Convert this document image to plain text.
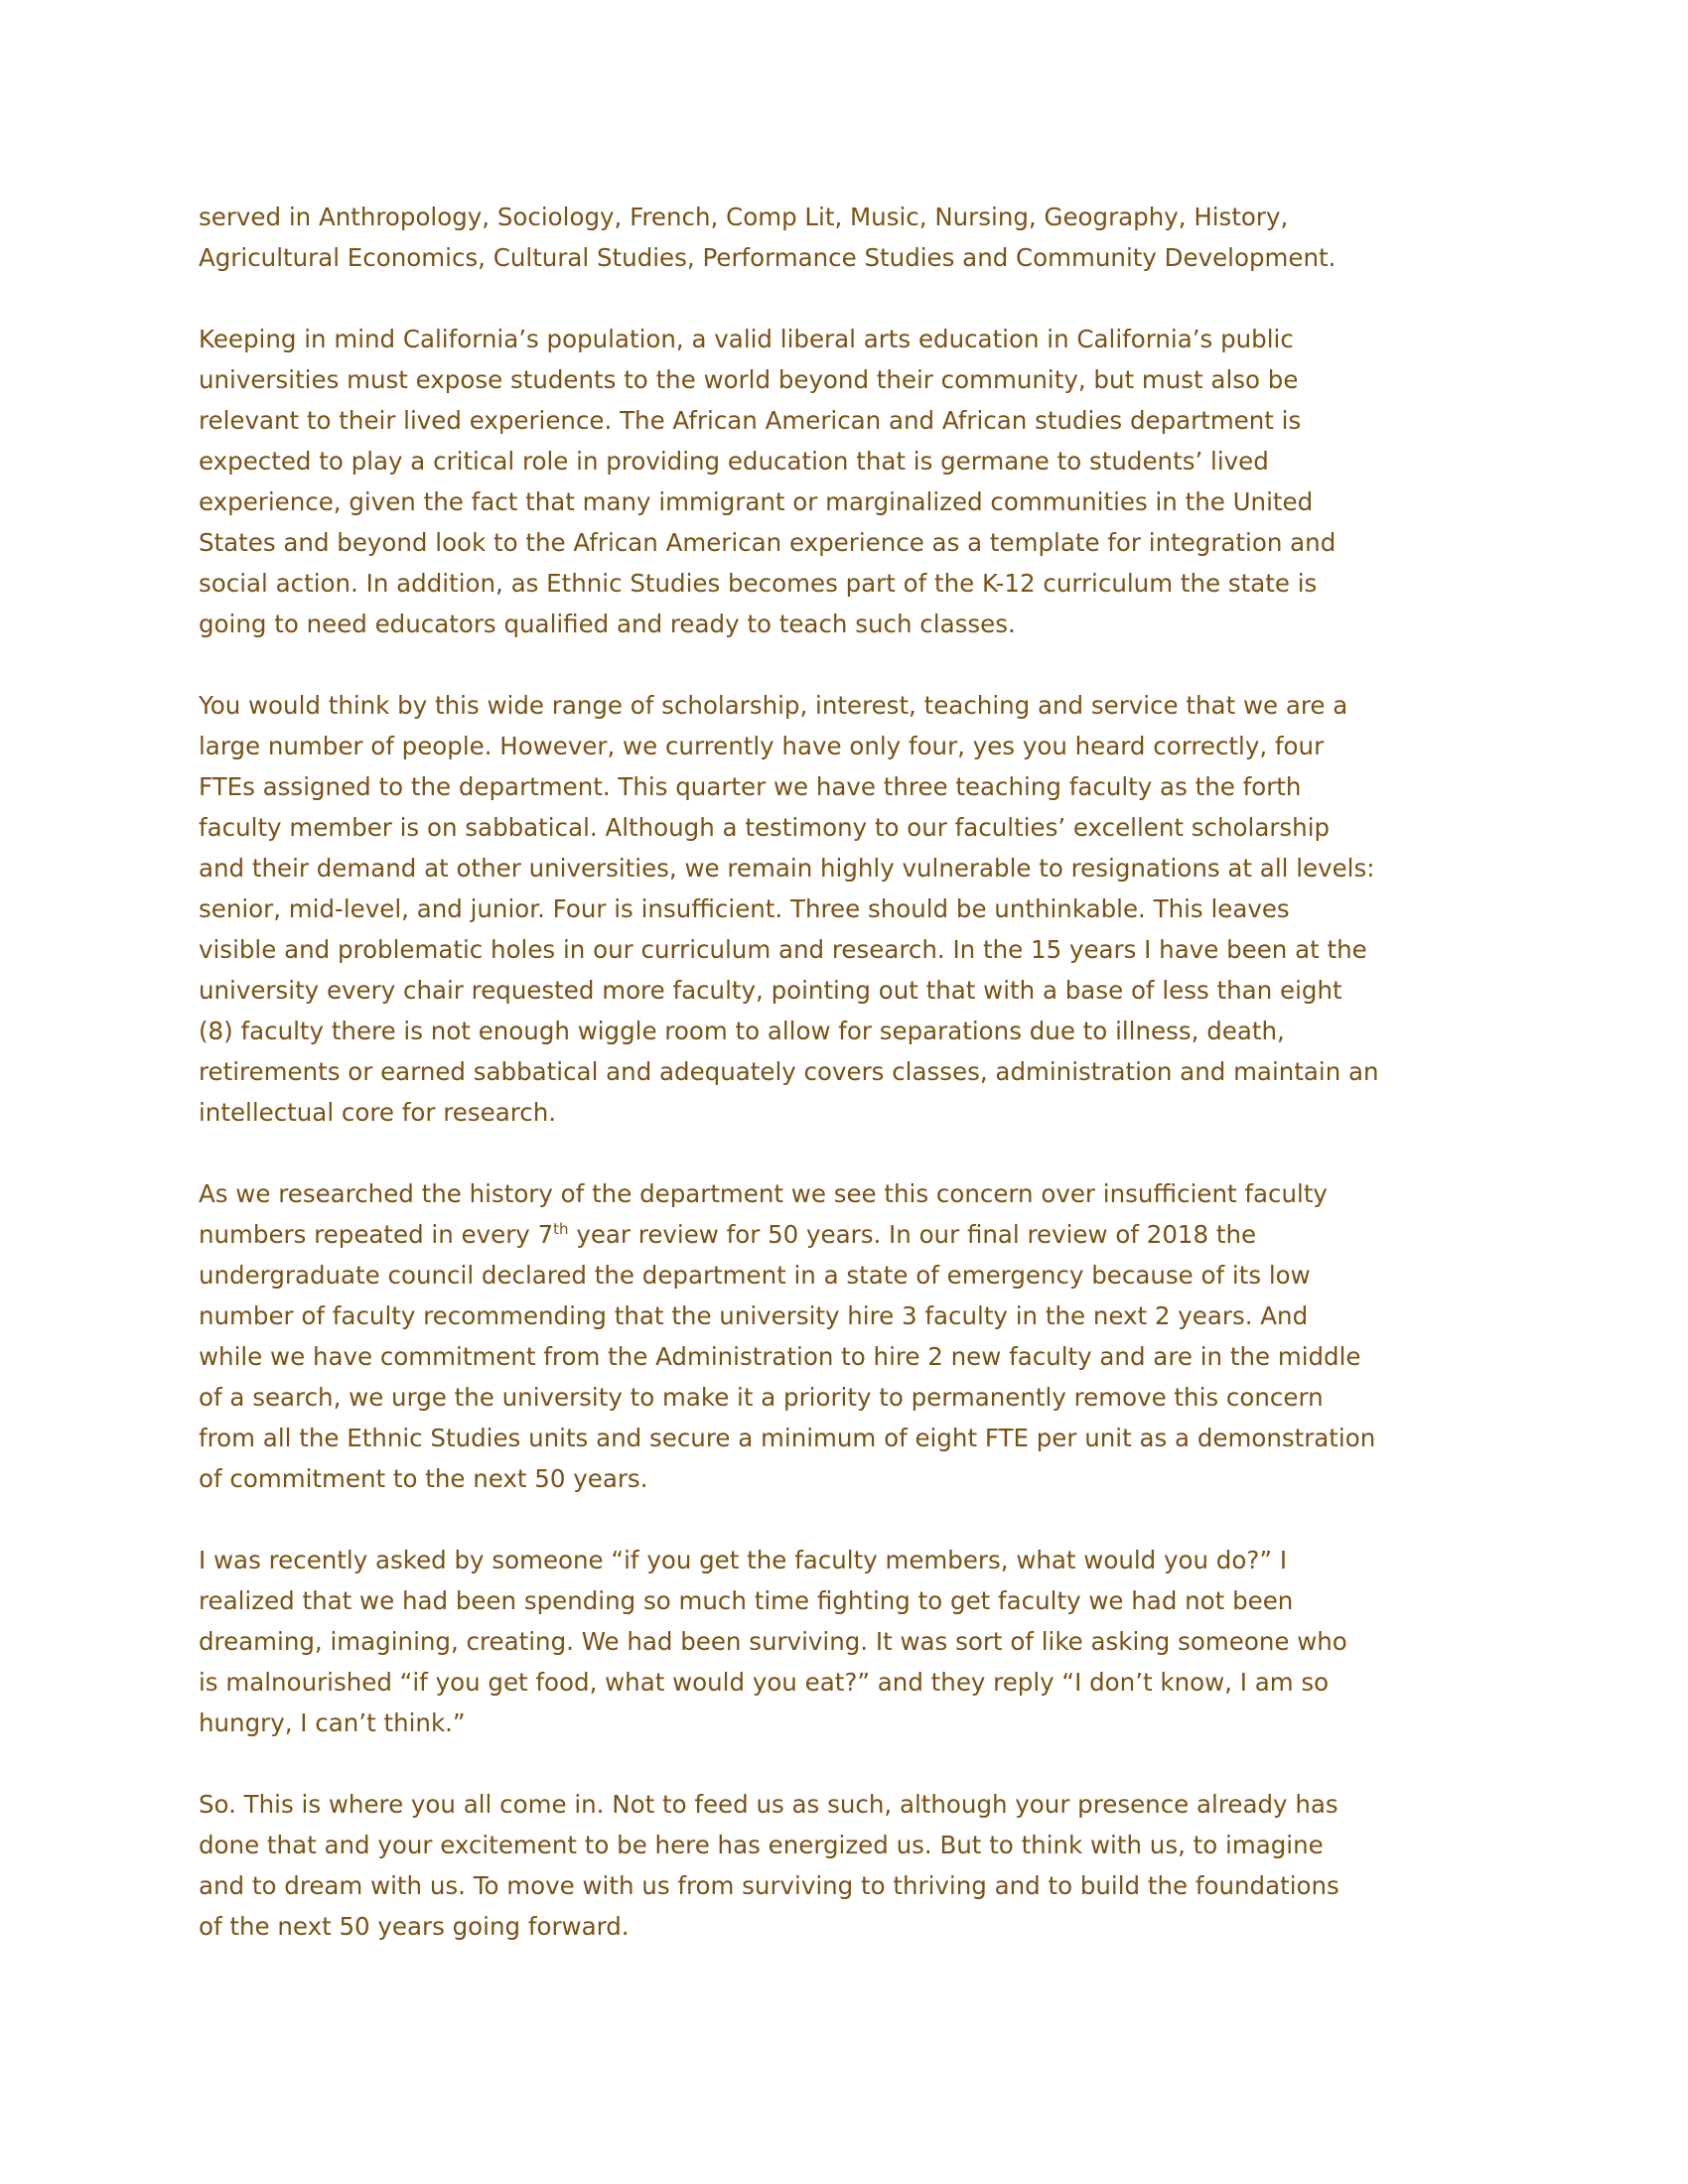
served in Anthropology, Sociology, French, Comp Lit, Music, Nursing, Geography, History,
Agricultural Economics, Cultural Studies, Performance Studies and Community Development.

Keeping in mind California’s population, a valid liberal arts education in California’s public
universities must expose students to the world beyond their community, but must also be
relevant to their lived experience. The African American and African studies department is
expected to play a critical role in providing education that is germane to students’ lived
experience, given the fact that many immigrant or marginalized communities in the United
States and beyond look to the African American experience as a template for integration and
social action. In addition, as Ethnic Studies becomes part of the K-12 curriculum the state is
going to need educators qualified and ready to teach such classes.

You would think by this wide range of scholarship, interest, teaching and service that we are a
large number of people. However, we currently have only four, yes you heard correctly, four
FTEs assigned to the department. This quarter we have three teaching faculty as the forth
faculty member is on sabbatical. Although a testimony to our faculties’ excellent scholarship
and their demand at other universities, we remain highly vulnerable to resignations at all levels:
senior, mid-level, and junior. Four is insufficient. Three should be unthinkable. This leaves
visible and problematic holes in our curriculum and research. In the 15 years I have been at the
university every chair requested more faculty, pointing out that with a base of less than eight
(8) faculty there is not enough wiggle room to allow for separations due to illness, death,
retirements or earned sabbatical and adequately covers classes, administration and maintain an
intellectual core for research.

As we researched the history of the department we see this concern over insufficient faculty
numbers repeated in every 7th year review for 50 years. In our final review of 2018 the
undergraduate council declared the department in a state of emergency because of its low
number of faculty recommending that the university hire 3 faculty in the next 2 years. And
while we have commitment from the Administration to hire 2 new faculty and are in the middle
of a search, we urge the university to make it a priority to permanently remove this concern
from all the Ethnic Studies units and secure a minimum of eight FTE per unit as a demonstration
of commitment to the next 50 years.

I was recently asked by someone “if you get the faculty members, what would you do?” I
realized that we had been spending so much time fighting to get faculty we had not been
dreaming, imagining, creating. We had been surviving. It was sort of like asking someone who
is malnourished “if you get food, what would you eat?” and they reply “I don’t know, I am so
hungry, I can’t think.”

So. This is where you all come in. Not to feed us as such, although your presence already has
done that and your excitement to be here has energized us. But to think with us, to imagine
and to dream with us. To move with us from surviving to thriving and to build the foundations
of the next 50 years going forward.
